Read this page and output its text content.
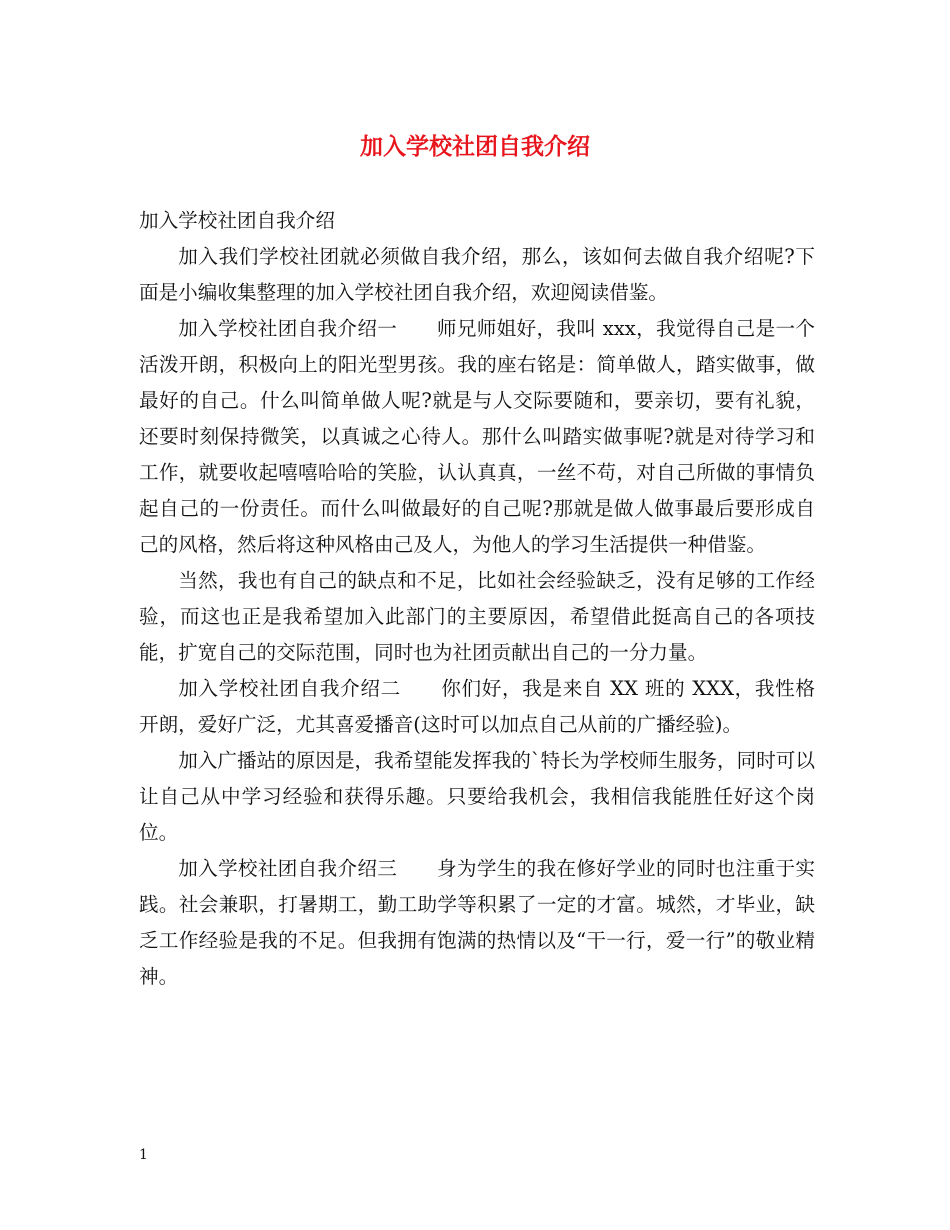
加入学校社团自我介绍

加入学校社团自我介绍

加入我们学校社团就必须做自我介绍，那么，该如何去做自我介绍呢?下面是小编收集整理的加入学校社团自我介绍，欢迎阅读借鉴。

加入学校社团自我介绍一　　师兄师姐好，我叫 xxx，我觉得自己是一个活泼开朗，积极向上的阳光型男孩。我的座右铭是：简单做人，踏实做事，做最好的自己。什么叫简单做人呢?就是与人交际要随和，要亲切，要有礼貌，还要时刻保持微笑，以真诚之心待人。那什么叫踏实做事呢?就是对待学习和工作，就要收起嘻嘻哈哈的笑脸，认认真真，一丝不苟，对自己所做的事情负起自己的一份责任。而什么叫做最好的自己呢?那就是做人做事最后要形成自己的风格，然后将这种风格由己及人，为他人的学习生活提供一种借鉴。

当然，我也有自己的缺点和不足，比如社会经验缺乏，没有足够的工作经验，而这也正是我希望加入此部门的主要原因，希望借此挺高自己的各项技能，扩宽自己的交际范围，同时也为社团贡献出自己的一分力量。

加入学校社团自我介绍二　　你们好，我是来自 XX 班的 XXX，我性格开朗，爱好广泛，尤其喜爱播音(这时可以加点自己从前的广播经验)。

加入广播站的原因是，我希望能发挥我的`特长为学校师生服务，同时可以让自己从中学习经验和获得乐趣。只要给我机会，我相信我能胜任好这个岗位。

加入学校社团自我介绍三　　身为学生的我在修好学业的同时也注重于实践。社会兼职，打暑期工，勤工助学等积累了一定的才富。城然，才毕业，缺乏工作经验是我的不足。但我拥有饱满的热情以及“干一行，爱一行”的敬业精神。

1
